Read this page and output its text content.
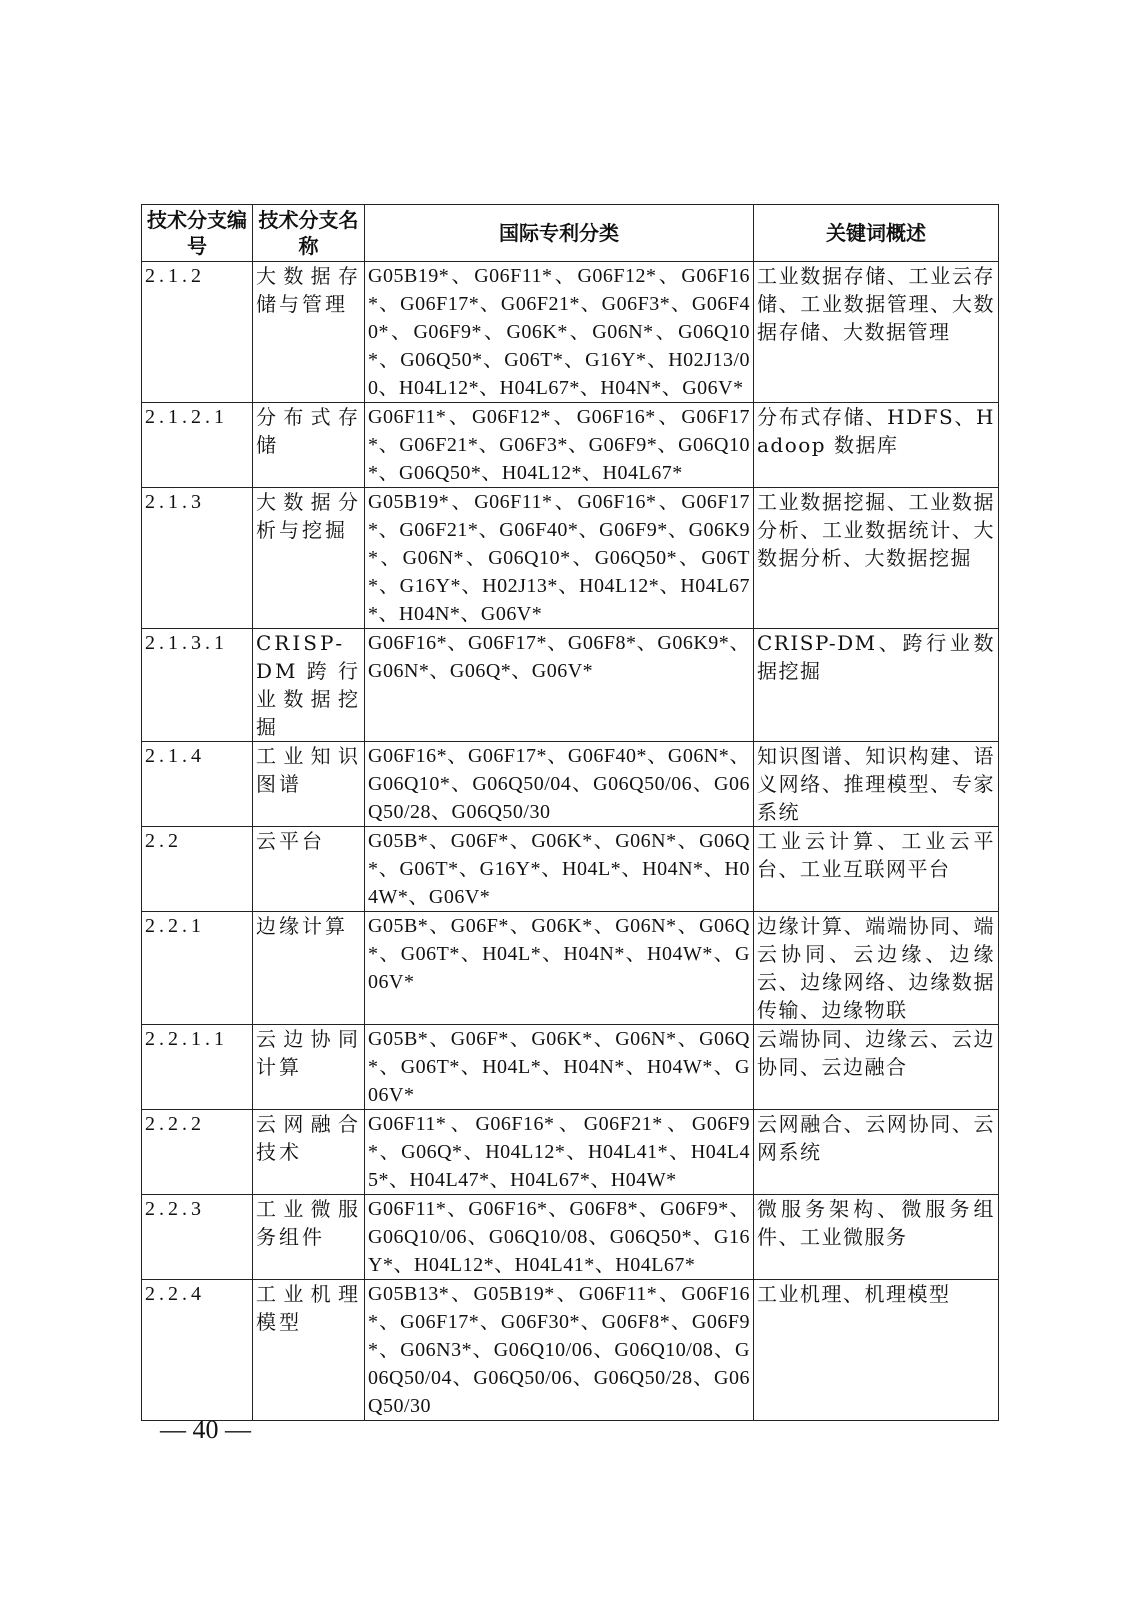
技术分支编号	技术分支名称	国际专利分类	关键词概述
2.1.2	大数据存储与管理	G05B19*、G06F11*、G06F12*、G06F16*、G06F17*、G06F21*、G06F3*、G06F40*、G06F9*、G06K*、G06N*、G06Q10*、G06Q50*、G06T*、G16Y*、H02J13/00、H04L12*、H04L67*、H04N*、G06V*	工业数据存储、工业云存储、工业数据管理、大数据存储、大数据管理
2.1.2.1	分布式存储	G06F11*、G06F12*、G06F16*、G06F17*、G06F21*、G06F3*、G06F9*、G06Q10*、G06Q50*、H04L12*、H04L67*	分布式存储、HDFS、Hadoop 数据库
2.1.3	大数据分析与挖掘	G05B19*、G06F11*、G06F16*、G06F17*、G06F21*、G06F40*、G06F9*、G06K9*、G06N*、G06Q10*、G06Q50*、G06T*、G16Y*、H02J13*、H04L12*、H04L67*、H04N*、G06V*	工业数据挖掘、工业数据分析、工业数据统计、大数据分析、大数据挖掘
2.1.3.1	CRISP-DM跨行业数据挖掘	G06F16*、G06F17*、G06F8*、G06K9*、G06N*、G06Q*、G06V*	CRISP-DM、跨行业数据挖掘
2.1.4	工业知识图谱	G06F16*、G06F17*、G06F40*、G06N*、G06Q10*、G06Q50/04、G06Q50/06、G06Q50/28、G06Q50/30	知识图谱、知识构建、语义网络、推理模型、专家系统
2.2	云平台	G05B*、G06F*、G06K*、G06N*、G06Q*、G06T*、G16Y*、H04L*、H04N*、H04W*、G06V*	工业云计算、工业云平台、工业互联网平台
2.2.1	边缘计算	G05B*、G06F*、G06K*、G06N*、G06Q*、G06T*、H04L*、H04N*、H04W*、G06V*	边缘计算、端端协同、端云协同、云边缘、边缘云、边缘网络、边缘数据传输、边缘物联
2.2.1.1	云边协同计算	G05B*、G06F*、G06K*、G06N*、G06Q*、G06T*、H04L*、H04N*、H04W*、G06V*	云端协同、边缘云、云边协同、云边融合
2.2.2	云网融合技术	G06F11*、G06F16*、G06F21*、G06F9*、G06Q*、H04L12*、H04L41*、H04L45*、H04L47*、H04L67*、H04W*	云网融合、云网协同、云网系统
2.2.3	工业微服务组件	G06F11*、G06F16*、G06F8*、G06F9*、G06Q10/06、G06Q10/08、G06Q50*、G16Y*、H04L12*、H04L41*、H04L67*	微服务架构、微服务组件、工业微服务
2.2.4	工业机理模型	G05B13*、G05B19*、G06F11*、G06F16*、G06F17*、G06F30*、G06F8*、G06F9*、G06N3*、G06Q10/06、G06Q10/08、G06Q50/04、G06Q50/06、G06Q50/28、G06Q50/30	工业机理、机理模型
— 40 —
